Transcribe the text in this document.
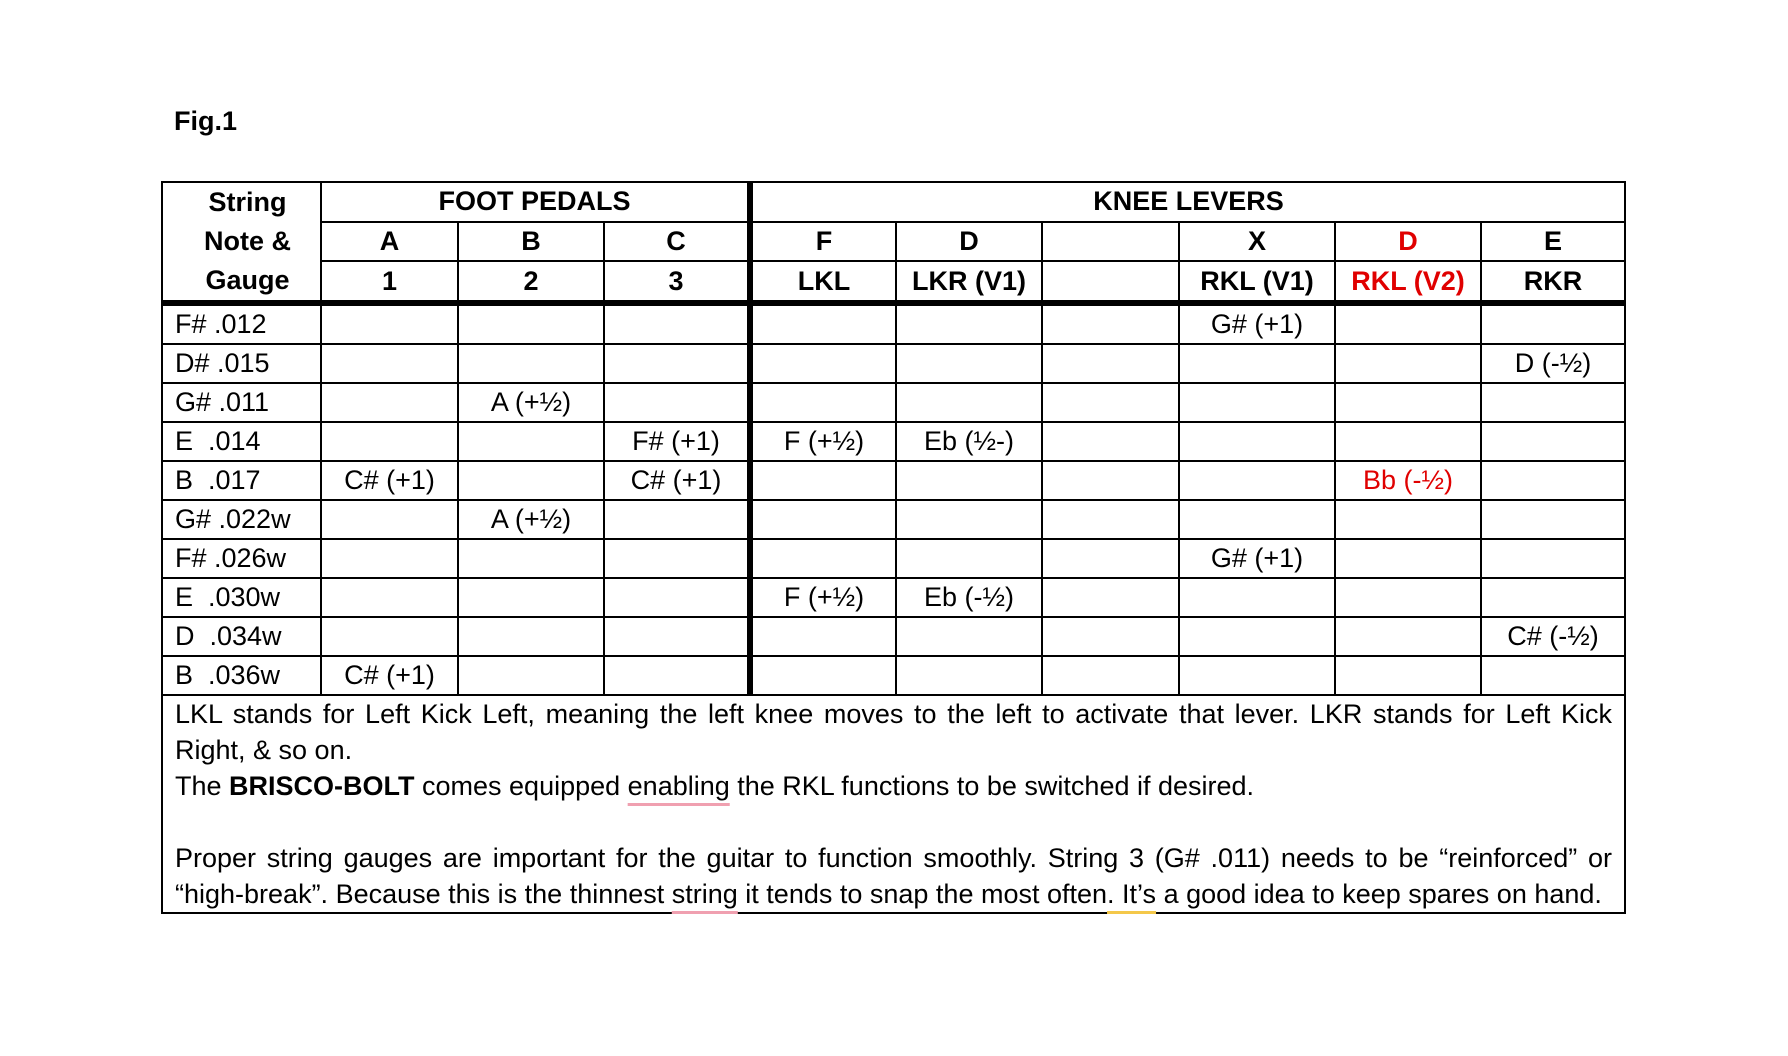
Fig.1
String Note & Gauge	FOOT PEDALS			KNEE LEVERS					
	A	B	C	F	D		X	D	E
	1	2	3	LKL	LKR (V1)		RKL (V1)	RKL (V2)	RKR
F# .012							G# (+1)		
D# .015									D (-½)
G# .011		A (+½)							
E  .014			F# (+1)	F (+½)	Eb (½-)				
B  .017	C# (+1)		C# (+1)					Bb (-½)	
G# .022w		A (+½)							
F# .026w							G# (+1)		
E  .030w				F (+½)	Eb (-½)				
D  .034w									C# (-½)
B  .036w	C# (+1)								

LKL stands for Left Kick Left, meaning the left knee moves to the left to activate that lever. LKR stands for Left Kick Right, & so on.

The BRISCO-BOLT comes equipped enabling the RKL functions to be switched if desired.

Proper string gauges are important for the guitar to function smoothly. String 3 (G# .011) needs to be “reinforced” or “high-break”. Because this is the thinnest string it tends to snap the most often. It’s a good idea to keep spares on hand.									
